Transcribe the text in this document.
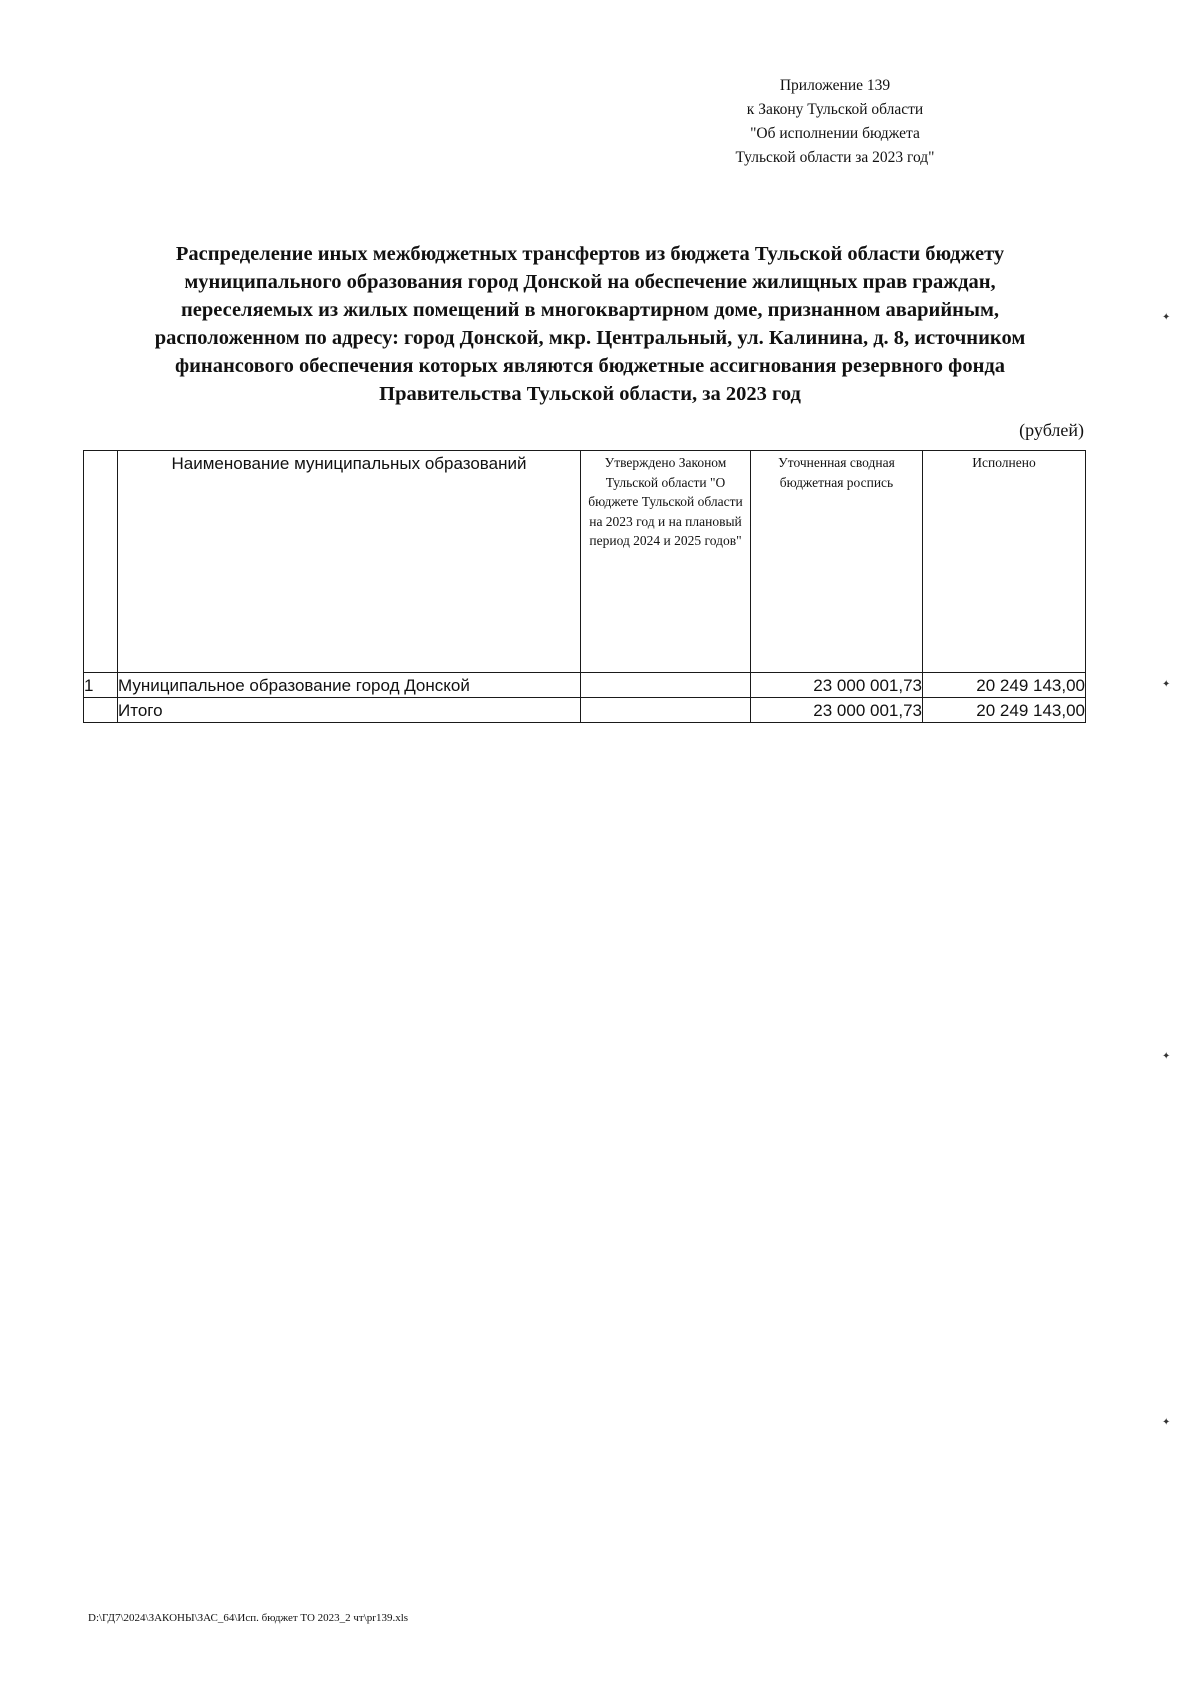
Приложение 139
к Закону Тульской области
"Об исполнении бюджета
Тульской области за 2023 год"
Распределение иных межбюджетных трансфертов из бюджета Тульской области бюджету
муниципального образования город Донской на обеспечение жилищных прав граждан,
переселяемых из жилых помещений в многоквартирном доме, признанном аварийным,
расположенном по адресу: город Донской, мкр. Центральный, ул. Калинина, д. 8, источником
финансового обеспечения которых являются бюджетные ассигнования резервного фонда
Правительства Тульской области, за 2023 год
(рублей)
	Наименование муниципальных образований	Утверждено Законом Тульской области "О бюджете Тульской области на 2023 год и на плановый период 2024 и 2025 годов"	Уточненная сводная бюджетная роспись	Исполнено
1	Муниципальное образование город Донской		23 000 001,73	20 249 143,00
	Итого		23 000 001,73	20 249 143,00
✦
✦
✦
✦
D:\ГД7\2024\ЗАКОНЫ\ЗАС_64\Исп. бюджет ТО 2023_2 чт\pr139.xls
